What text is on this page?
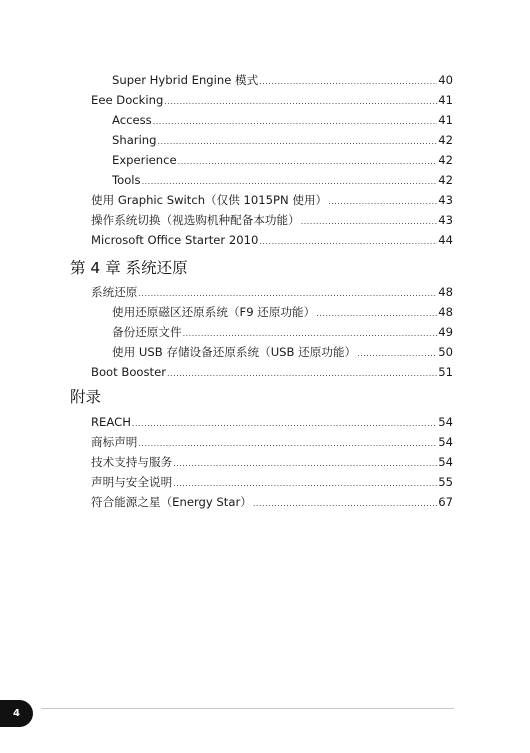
Super Hybrid Engine 模式 .....	40
Eee Docking .....	41
Access .....	41
Sharing .....	42
Experience .....	42
Tools .....	42
使用 Graphic Switch（仅供 1015PN 使用） .....	43
操作系统切换（视选购机种配备本功能） .....	43
Microsoft Office Starter 2010 .....	44
第 4 章 系统还原
系统还原 .....	48
使用还原磁区还原系统（F9 还原功能） .....	48
备份还原文件 .....	49
使用 USB 存储设备还原系统（USB 还原功能） .....	50
Boot Booster .....	51
附录
REACH .....	54
商标声明 .....	54
技术支持与服务 .....	54
声明与安全说明 .....	55
符合能源之星（Energy Star） .....	67
4
